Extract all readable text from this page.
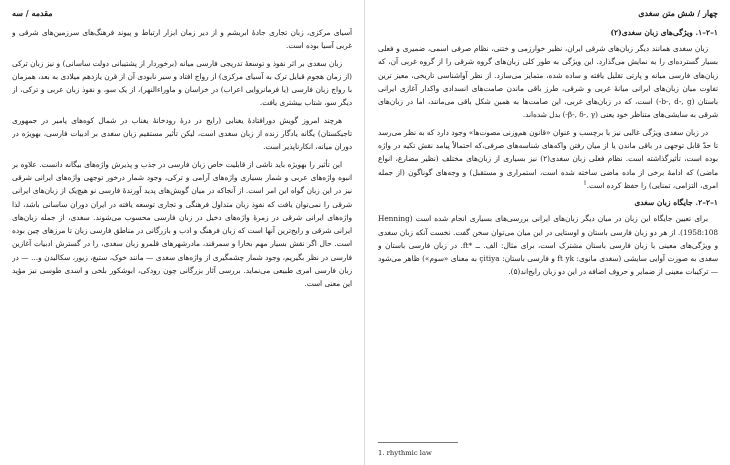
مقدمه / سه

آسیای مرکزی، زبان تجاری جادهٔ ابریشم و از دیر زمان ابزار ارتباط و پیوند فرهنگ‌های سرزمین‌های شرقی و غربی آسیا بوده است.

زبان سغدی بر اثر نفوذ و توسعهٔ تدریجی فارسی میانه (برخوردار از پشتیبانی دولت ساسانی) و نیز زبان ترکی (از زمان هجوم قبایل ترک به آسیای مرکزی) از رواج افتاد و سیر نابودی آن از قرن یازدهم میلادی به بعد، همزمان با رواج زبان فارسی (یا فرمانروایی اعراب) در خراسان و ماوراءالنهر)، از یک سو، و نفوذ زبان عربی و ترکی، از دیگر سو، شتاب بیشتری یافت.

هرچند امروز گویش دورافتادهٔ یغنابی (رایج در درهٔ رودخانهٔ یغناب در شمال کوه‌های پامیر در جمهوری تاجیکستان) یگانه یادگار زنده از زبان سغدی است، لیکن تأثیر مستقیم زبان سغدی بر ادبیات فارسی، بهویژه در دوران میانه، انکارناپذیر است.

این تأثیر را بهویژه باید ناشی از قابلیت خاص زبان فارسی در جذب و پذیرش واژه‌های بیگانه دانست. علاوه بر انبوه واژه‌های عربی و شمار بسیاری واژه‌های آرامی و ترکی، وجود شمار درخور توجهی واژه‌های ایرانی شرقی نیز در این زبان گواه این امر است. از آنجاکه در میان گویش‌های پدید آورندهٔ فارسی نو هیچ‌یک از زبان‌های ایرانی شرقی را نمی‌توان یافت که نفوذ زبان متداول فرهنگی و تجاری توسعه یافته در ایران دوران ساسانی باشد، لذا واژه‌های ایرانی شرقی در زمرهٔ واژه‌های دخیل در زبان فارسی محسوب می‌شوند. سغدی، از جمله زبان‌های ایرانی شرقی و رایج‌ترین آنها است که زبان فرهنگ و ادب و بازرگانی در مناطق فارسی زبان تا مرزهای چین بوده است. حال اگر نقش بسیار مهم بخارا و سمرقند، مادرشهرهای قلمرو زبان سغدی، را در گسترش ادبیات آغازین فارسی در نظر بگیریم، وجود شمار چشمگیری از واژه‌های سغدی — مانند خوک، ستیغ، زیور، سکالیدن و... — در زبان فارسی امری طبیعی می‌نماید. بررسی آثار بزرگانی چون رودکی، ابوشکور بلخی و اسدی طوسی نیز مؤید این معنی است.

چهار / شش متن سغدی
۱–۲–۱. ویژگی‌های زبان سغدی(۲)

زبان سغدی همانند دیگر زبان‌های شرقی ایران، نظیر خوارزمی و ختنی، نظام صرفی اسمی، ضمیری و فعلی بسیار گسترده‌ای را به نمایش می‌گذارد. این ویژگی به طور کلی زبان‌های گروه شرقی را از گروه غربی آن، که زبان‌های فارسی میانه و پارتی تقلیل یافته و ساده شده، متمایز می‌سازد. از نظر آواشناسی تاریخی، معیز ترین تفاوت میان زبان‌های ایرانی میانهٔ غربی و شرقی، طرز باقی ماندن صامت‌های انسدادی واکدار آغازی ایرانی باستان (b-, d-, g-) است، که در زبان‌های غربی، این صامت‌ها به همین شکل باقی می‌مانند، اما در زبان‌های شرقی به سایشی‌های متناظر خود یعنی (β-, δ-, γ-) بدل شده‌اند.

در زبان سغدی ویژگی غالبی نیز با برچسب و عنوان «قانون هم‌وزنی مصوت‌ها» وجود دارد که به نظر می‌رسد تا حدّ قابل توجهی در باقی ماندن یا از میان رفتن واکه‌های شناسه‌های صرفی،که احتمالاً پیامد نقش تکیه در واژه بوده است، تأثیرگذاشته است. نظام فعلی زبان سغدی(۲) نیز بسیاری از زبان‌های مختلف (نظیر مضارع، انواع ماضی) که ادامهٔ برخی از ماده ماضی ساخته شده است، استمراری و مستقبل) و وجه‌های گوناگون (از جمله امری، التزامی، تمنایی) را حفظ کرده است.$^1$

۱–۲–۲. جایگاه زبان سغدی

برای تعیین جایگاه این زبان در میان دیگر زبان‌های ایرانی بررسی‌های بسیاری انجام شده است (Henning 1958:108). از هر دو زبان فارسی باستان و اوستایی در این میان می‌توان سخن گفت. نخست آنکه زبان سغدی و ویژگی‌های معینی با زبان فارسی باستان مشترک است، برای مثال: الف. ــ *ft. در زبان فارسی باستان و سغدی به صورت آوایی سایشی (سغدی مانوی: ft yk و فارسی باستان: çitiya به معنای «سوم») ظاهر می‌شود — ترکیبات معینی از ضمایر و حروف اضافه در این دو زبان رایج‌اند(۵).

1. rhythmic law
